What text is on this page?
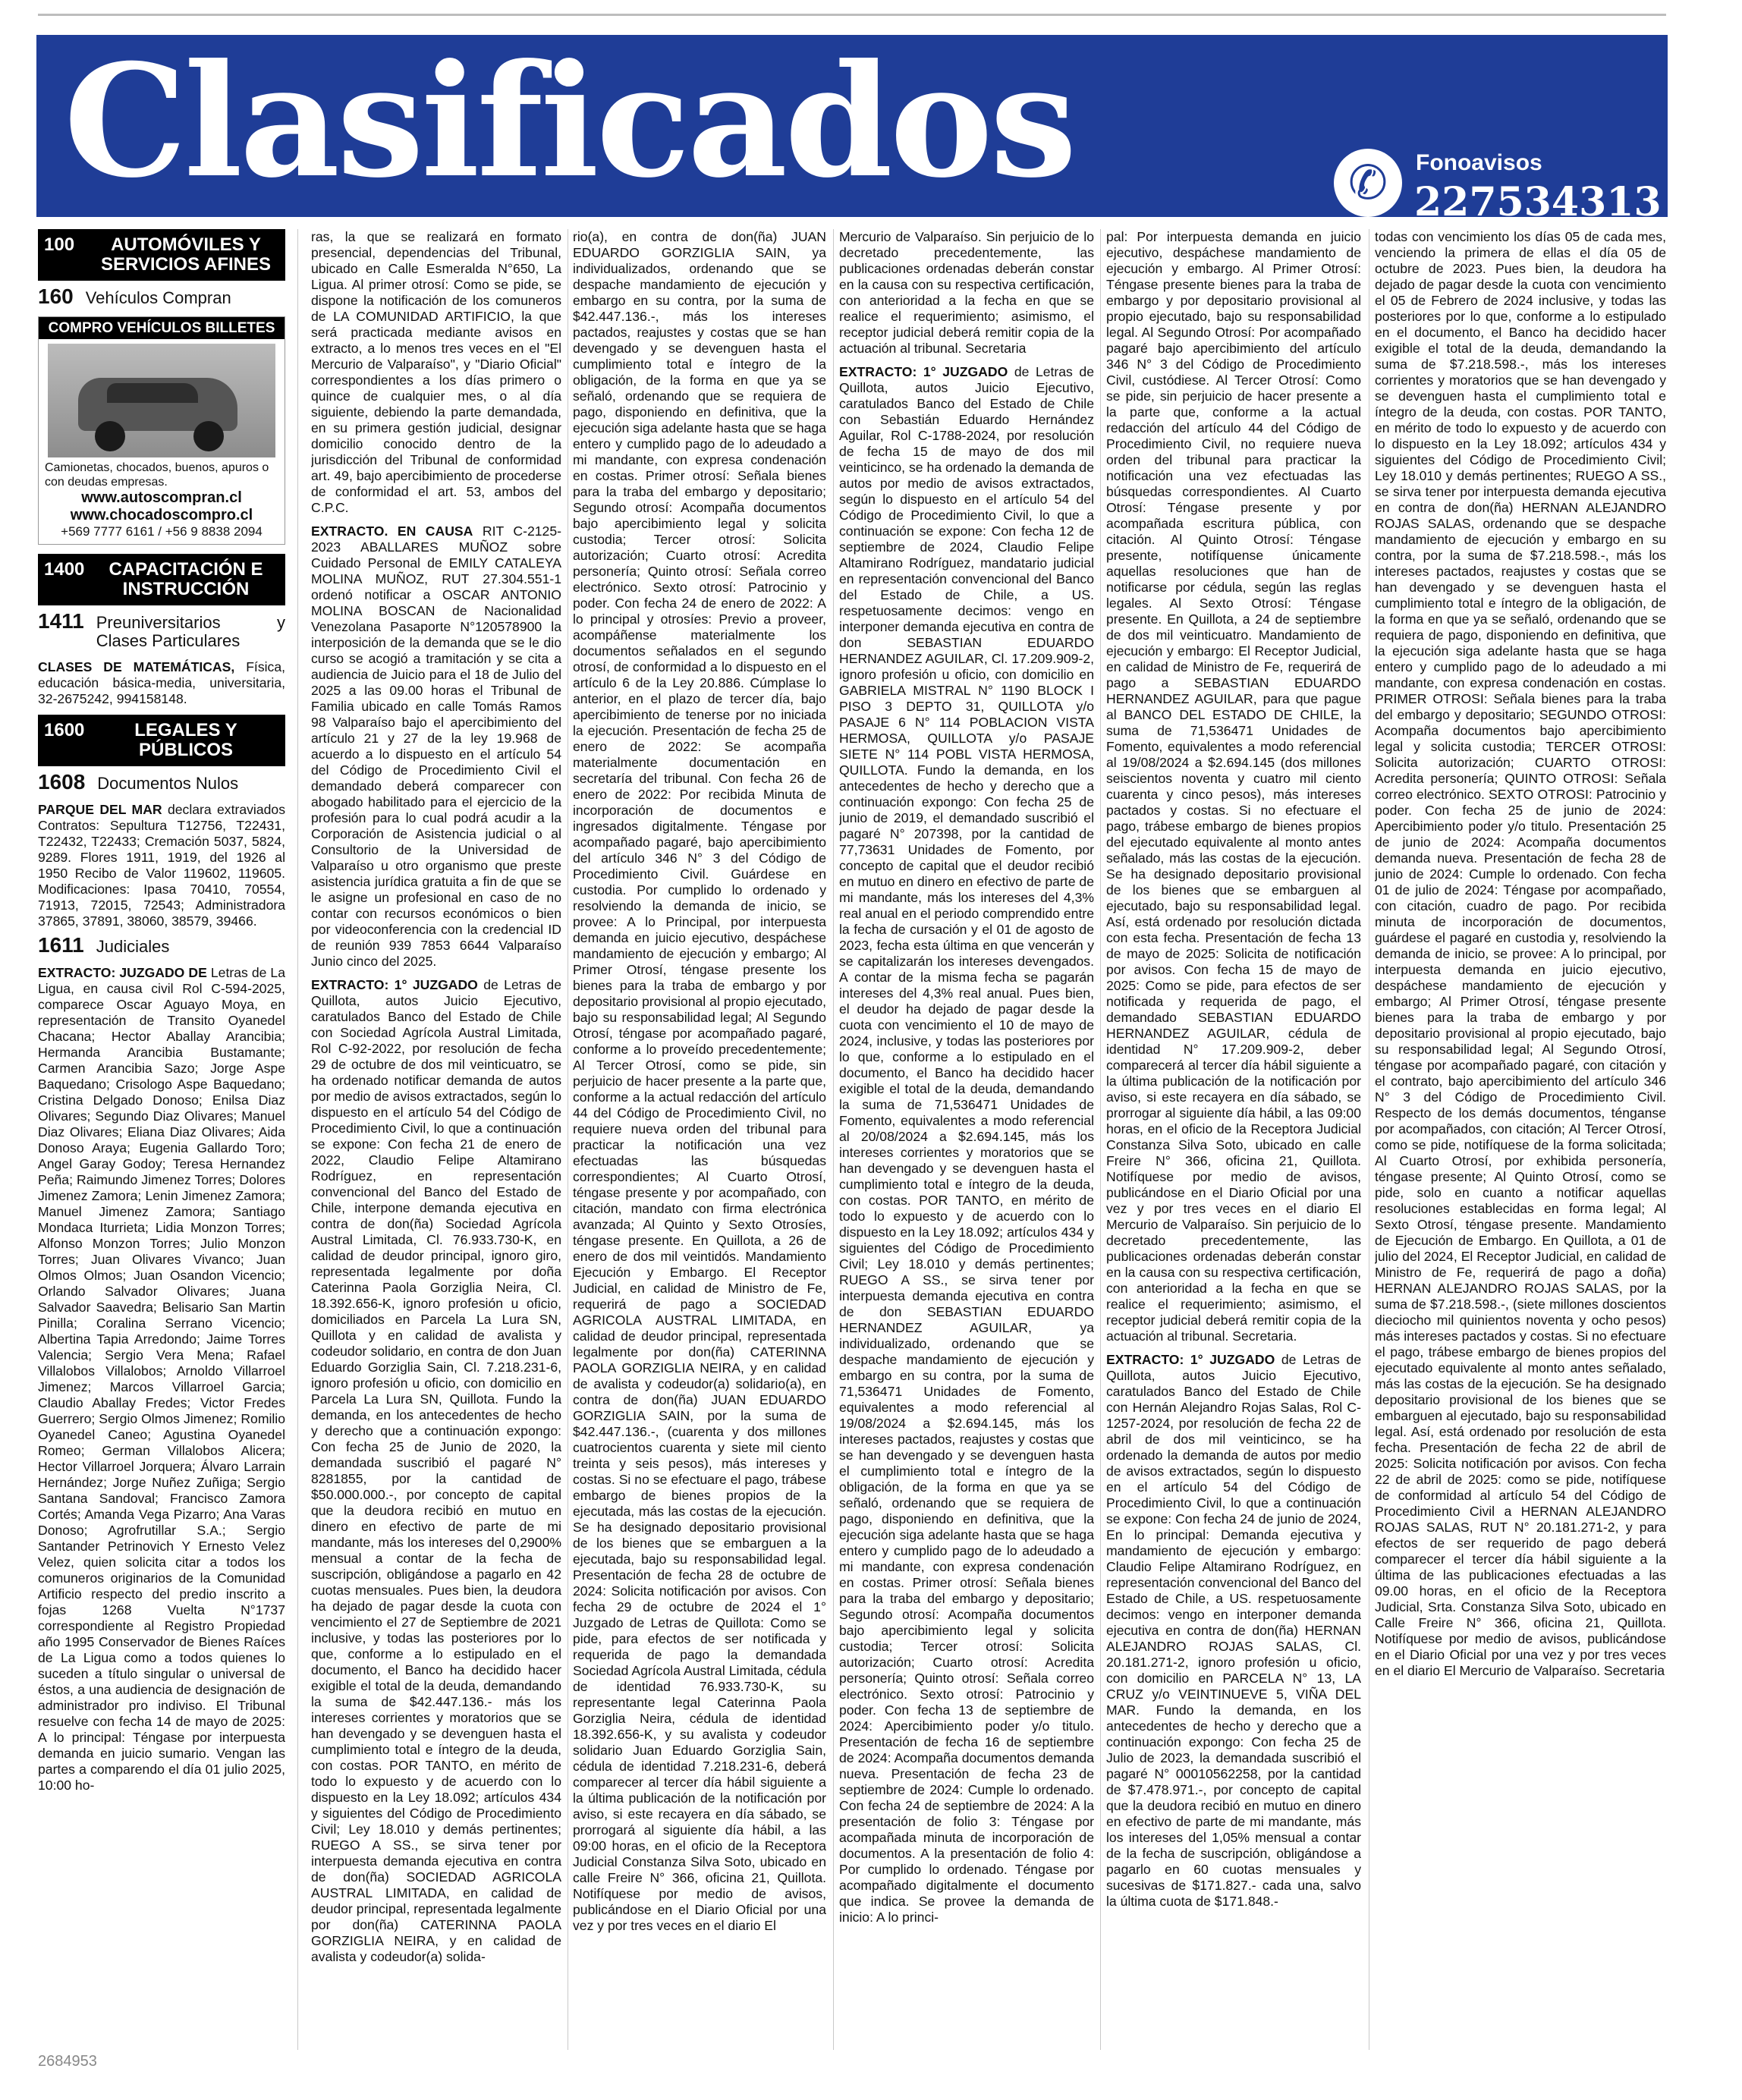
Clasificados	✆	Fonoavisos
227534313
100	AUTOMÓVILES Y SERVICIOS AFINES
160 Vehículos Compran
COMPRO VEHÍCULOS BILLETES
Camionetas, chocados, buenos, apuros o con deudas empresas.
www.autoscompran.cl
www.chocadoscompro.cl
+569 7777 6161 / +56 9 8838 2094
1400	CAPACITACIÓN E INSTRUCCIÓN
1411 Preuniversitarios y Clases Particulares

CLASES DE MATEMÁTICAS, Física, educación básica-media, universitaria, 32-2675242, 994158148.

1600	LEGALES Y PÚBLICOS
1608 Documentos Nulos

PARQUE DEL MAR declara extraviados Contratos: Sepultura T12756, T22431, T22432, T22433; Cremación 5037, 5824, 9289. Flores 1911, 1919, del 1926 al 1950 Recibo de Valor 119602, 119605. Modificaciones: Ipasa 70410, 70554, 71913, 72015, 72543; Administradora 37865, 37891, 38060, 38579, 39466.

1611 Judiciales

EXTRACTO: JUZGADO DE Letras de La Ligua, en causa civil Rol C-594-2025, comparece Oscar Aguayo Moya, en representación de Transito Oyanedel Chacana; Hector Aballay Arancibia; Hermanda Arancibia Bustamante; Carmen Arancibia Sazo; Jorge Aspe Baquedano; Crisologo Aspe Baquedano; Cristina Delgado Donoso; Enilsa Diaz Olivares; Segundo Diaz Olivares; Manuel Diaz Olivares; Eliana Diaz Olivares; Aida Donoso Araya; Eugenia Gallardo Toro; Angel Garay Godoy; Teresa Hernandez Peña; Raimundo Jimenez Torres; Dolores Jimenez Zamora; Lenin Jimenez Zamora; Manuel Jimenez Zamora; Santiago Mondaca Iturrieta; Lidia Monzon Torres; Alfonso Monzon Torres; Julio Monzon Torres; Juan Olivares Vivanco; Juan Olmos Olmos; Juan Osandon Vicencio; Orlando Salvador Olivares; Juana Salvador Saavedra; Belisario San Martin Pinilla; Coralina Serrano Vicencio; Albertina Tapia Arredondo; Jaime Torres Valencia; Sergio Vera Mena; Rafael Villalobos Villalobos; Arnoldo Villarroel Jimenez; Marcos Villarroel Garcia; Claudio Aballay Fredes; Victor Fredes Guerrero; Sergio Olmos Jimenez; Romilio Oyanedel Caneo; Agustina Oyanedel Romeo; German Villalobos Alicera; Hector Villarroel Jorquera; Álvaro Larrain Hernández; Jorge Nuñez Zuñiga; Sergio Santana Sandoval; Francisco Zamora Cortés; Amanda Vega Pizarro; Ana Varas Donoso; Agrofrutillar S.A.; Sergio Santander Petrinovich Y Ernesto Velez Velez, quien solicita citar a todos los comuneros originarios de la Comunidad Artificio respecto del predio inscrito a fojas 1268 Vuelta N°1737 correspondiente al Registro Propiedad año 1995 Conservador de Bienes Raíces de La Ligua como a todos quienes lo suceden a título singular o universal de éstos, a una audiencia de designación de administrador pro indiviso. El Tribunal resuelve con fecha 14 de mayo de 2025: A lo principal: Téngase por interpuesta demanda en juicio sumario. Vengan las partes a comparendo el día 01 julio 2025, 10:00 ho-

ras, la que se realizará en formato presencial, dependencias del Tribunal, ubicado en Calle Esmeralda N°650, La Ligua. Al primer otrosí: Como se pide, se dispone la notificación de los comuneros de LA COMUNIDAD ARTIFICIO, la que será practicada mediante avisos en extracto, a lo menos tres veces en el "El Mercurio de Valparaíso", y "Diario Oficial" correspondientes a los días primero o quince de cualquier mes, o al día siguiente, debiendo la parte demandada, en su primera gestión judicial, designar domicilio conocido dentro de la jurisdicción del Tribunal de conformidad art. 49, bajo apercibimiento de procederse de conformidad el art. 53, ambos del C.P.C.

EXTRACTO. EN CAUSA RIT C-2125-2023 ABALLARES MUÑOZ sobre Cuidado Personal de EMILY CATALEYA MOLINA MUÑOZ, RUT 27.304.551-1 ordenó notificar a OSCAR ANTONIO MOLINA BOSCAN de Nacionalidad Venezolana Pasaporte N°120578900 la interposición de la demanda que se le dio curso se acogió a tramitación y se cita a audiencia de Juicio para el 18 de Julio del 2025 a las 09.00 horas el Tribunal de Familia ubicado en calle Tomás Ramos 98 Valparaíso bajo el apercibimiento del artículo 21 y 27 de la ley 19.968 de acuerdo a lo dispuesto en el artículo 54 del Código de Procedimiento Civil el demandado deberá comparecer con abogado habilitado para el ejercicio de la profesión para lo cual podrá acudir a la Corporación de Asistencia judicial o al Consultorio de la Universidad de Valparaíso u otro organismo que preste asistencia jurídica gratuita a fin de que se le asigne un profesional en caso de no contar con recursos económicos o bien por videoconferencia con la credencial ID de reunión 939 7853 6644 Valparaíso Junio cinco del 2025.

EXTRACTO: 1° JUZGADO de Letras de Quillota, autos Juicio Ejecutivo, caratulados Banco del Estado de Chile con Sociedad Agrícola Austral Limitada, Rol C-92-2022, por resolución de fecha 29 de octubre de dos mil veinticuatro, se ha ordenado notificar demanda de autos por medio de avisos extractados, según lo dispuesto en el artículo 54 del Código de Procedimiento Civil, lo que a continuación se expone: Con fecha 21 de enero de 2022, Claudio Felipe Altamirano Rodríguez, en representación convencional del Banco del Estado de Chile, interpone demanda ejecutiva en contra de don(ña) Sociedad Agrícola Austral Limitada, Cl. 76.933.730-K, en calidad de deudor principal, ignoro giro, representada legalmente por doña Caterinna Paola Gorziglia Neira, Cl. 18.392.656-K, ignoro profesión u oficio, domiciliados en Parcela La Lura SN, Quillota y en calidad de avalista y codeudor solidario, en contra de don Juan Eduardo Gorziglia Sain, Cl. 7.218.231-6, ignoro profesión u oficio, con domicilio en Parcela La Lura SN, Quillota. Fundo la demanda, en los antecedentes de hecho y derecho que a continuación expongo: Con fecha 25 de Junio de 2020, la demandada suscribió el pagaré N° 8281855, por la cantidad de $50.000.000.-, por concepto de capital que la deudora recibió en mutuo en dinero en efectivo de parte de mi mandante, más los intereses del 0,2900% mensual a contar de la fecha de suscripción, obligándose a pagarlo en 42 cuotas mensuales. Pues bien, la deudora ha dejado de pagar desde la cuota con vencimiento el 27 de Septiembre de 2021 inclusive, y todas las posteriores por lo que, conforme a lo estipulado en el documento, el Banco ha decidido hacer exigible el total de la deuda, demandando la suma de $42.447.136.- más los intereses corrientes y moratorios que se han devengado y se devenguen hasta el cumplimiento total e íntegro de la deuda, con costas. POR TANTO, en mérito de todo lo expuesto y de acuerdo con lo dispuesto en la Ley 18.092; artículos 434 y siguientes del Código de Procedimiento Civil; Ley 18.010 y demás pertinentes; RUEGO A SS., se sirva tener por interpuesta demanda ejecutiva en contra de don(ña) SOCIEDAD AGRICOLA AUSTRAL LIMITADA, en calidad de deudor principal, representada legalmente por don(ña) CATERINNA PAOLA GORZIGLIA NEIRA, y en calidad de avalista y codeudor(a) solida-

rio(a), en contra de don(ña) JUAN EDUARDO GORZIGLIA SAIN, ya individualizados, ordenando que se despache mandamiento de ejecución y embargo en su contra, por la suma de $42.447.136.-, más los intereses pactados, reajustes y costas que se han devengado y se devenguen hasta el cumplimiento total e íntegro de la obligación, de la forma en que ya se señaló, ordenando que se requiera de pago, disponiendo en definitiva, que la ejecución siga adelante hasta que se haga entero y cumplido pago de lo adeudado a mi mandante, con expresa condenación en costas. Primer otrosí: Señala bienes para la traba del embargo y depositario; Segundo otrosí: Acompaña documentos bajo apercibimiento legal y solicita custodia; Tercer otrosí: Solicita autorización; Cuarto otrosí: Acredita personería; Quinto otrosí: Señala correo electrónico. Sexto otrosí: Patrocinio y poder. Con fecha 24 de enero de 2022: A lo principal y otrosíes: Previo a proveer, acompáñense materialmente los documentos señalados en el segundo otrosí, de conformidad a lo dispuesto en el artículo 6 de la Ley 20.886. Cúmplase lo anterior, en el plazo de tercer día, bajo apercibimiento de tenerse por no iniciada la ejecución. Presentación de fecha 25 de enero de 2022: Se acompaña materialmente documentación en secretaría del tribunal. Con fecha 26 de enero de 2022: Por recibida Minuta de incorporación de documentos e ingresados digitalmente. Téngase por acompañado pagaré, bajo apercibimiento del artículo 346 N° 3 del Código de Procedimiento Civil. Guárdese en custodia. Por cumplido lo ordenado y resolviendo la demanda de inicio, se provee: A lo Principal, por interpuesta demanda en juicio ejecutivo, despáchese mandamiento de ejecución y embargo; Al Primer Otrosí, téngase presente los bienes para la traba de embargo y por depositario provisional al propio ejecutado, bajo su responsabilidad legal; Al Segundo Otrosí, téngase por acompañado pagaré, conforme a lo proveído precedentemente; Al Tercer Otrosí, como se pide, sin perjuicio de hacer presente a la parte que, conforme a la actual redacción del artículo 44 del Código de Procedimiento Civil, no requiere nueva orden del tribunal para practicar la notificación una vez efectuadas las búsquedas correspondientes; Al Cuarto Otrosí, téngase presente y por acompañado, con citación, mandato con firma electrónica avanzada; Al Quinto y Sexto Otrosíes, téngase presente. En Quillota, a 26 de enero de dos mil veintidós. Mandamiento Ejecución y Embargo. El Receptor Judicial, en calidad de Ministro de Fe, requerirá de pago a SOCIEDAD AGRICOLA AUSTRAL LIMITADA, en calidad de deudor principal, representada legalmente por don(ña) CATERINNA PAOLA GORZIGLIA NEIRA, y en calidad de avalista y codeudor(a) solidario(a), en contra de don(ña) JUAN EDUARDO GORZIGLIA SAIN, por la suma de $42.447.136.-, (cuarenta y dos millones cuatrocientos cuarenta y siete mil ciento treinta y seis pesos), más intereses y costas. Si no se efectuare el pago, trábese embargo de bienes propios de la ejecutada, más las costas de la ejecución. Se ha designado depositario provisional de los bienes que se embarguen a la ejecutada, bajo su responsabilidad legal. Presentación de fecha 28 de octubre de 2024: Solicita notificación por avisos. Con fecha 29 de octubre de 2024 el 1° Juzgado de Letras de Quillota: Como se pide, para efectos de ser notificada y requerida de pago la demandada Sociedad Agrícola Austral Limitada, cédula de identidad 76.933.730-K, su representante legal Caterinna Paola Gorziglia Neira, cédula de identidad 18.392.656-K, y su avalista y codeudor solidario Juan Eduardo Gorziglia Sain, cédula de identidad 7.218.231-6, deberá comparecer al tercer día hábil siguiente a la última publicación de la notificación por aviso, si este recayera en día sábado, se prorrogará al siguiente día hábil, a las 09:00 horas, en el oficio de la Receptora Judicial Constanza Silva Soto, ubicado en calle Freire N° 366, oficina 21, Quillota. Notifíquese por medio de avisos, publicándose en el Diario Oficial por una vez y por tres veces en el diario El

Mercurio de Valparaíso. Sin perjuicio de lo decretado precedentemente, las publicaciones ordenadas deberán constar en la causa con su respectiva certificación, con anterioridad a la fecha en que se realice el requerimiento; asimismo, el receptor judicial deberá remitir copia de la actuación al tribunal. Secretaria

EXTRACTO: 1° JUZGADO de Letras de Quillota, autos Juicio Ejecutivo, caratulados Banco del Estado de Chile con Sebastián Eduardo Hernández Aguilar, Rol C-1788-2024, por resolución de fecha 15 de mayo de dos mil veinticinco, se ha ordenado la demanda de autos por medio de avisos extractados, según lo dispuesto en el artículo 54 del Código de Procedimiento Civil, lo que a continuación se expone: Con fecha 12 de septiembre de 2024, Claudio Felipe Altamirano Rodríguez, mandatario judicial en representación convencional del Banco del Estado de Chile, a US. respetuosamente decimos: vengo en interponer demanda ejecutiva en contra de don SEBASTIAN EDUARDO HERNANDEZ AGUILAR, Cl. 17.209.909-2, ignoro profesión u oficio, con domicilio en GABRIELA MISTRAL N° 1190 BLOCK I PISO 3 DEPTO 31, QUILLOTA y/o PASAJE 6 N° 114 POBLACION VISTA HERMOSA, QUILLOTA y/o PASAJE SIETE N° 114 POBL VISTA HERMOSA, QUILLOTA. Fundo la demanda, en los antecedentes de hecho y derecho que a continuación expongo: Con fecha 25 de junio de 2019, el demandado suscribió el pagaré N° 207398, por la cantidad de 77,73631 Unidades de Fomento, por concepto de capital que el deudor recibió en mutuo en dinero en efectivo de parte de mi mandante, más los intereses del 4,3% real anual en el periodo comprendido entre la fecha de cursación y el 01 de agosto de 2023, fecha esta última en que vencerán y se capitalizarán los intereses devengados. A contar de la misma fecha se pagarán intereses del 4,3% real anual. Pues bien, el deudor ha dejado de pagar desde la cuota con vencimiento el 10 de mayo de 2024, inclusive, y todas las posteriores por lo que, conforme a lo estipulado en el documento, el Banco ha decidido hacer exigible el total de la deuda, demandando la suma de 71,536471 Unidades de Fomento, equivalentes a modo referencial al 20/08/2024 a $2.694.145, más los intereses corrientes y moratorios que se han devengado y se devenguen hasta el cumplimiento total e íntegro de la deuda, con costas. POR TANTO, en mérito de todo lo expuesto y de acuerdo con lo dispuesto en la Ley 18.092; artículos 434 y siguientes del Código de Procedimiento Civil; Ley 18.010 y demás pertinentes; RUEGO A SS., se sirva tener por interpuesta demanda ejecutiva en contra de don SEBASTIAN EDUARDO HERNANDEZ AGUILAR, ya individualizado, ordenando que se despache mandamiento de ejecución y embargo en su contra, por la suma de 71,536471 Unidades de Fomento, equivalentes a modo referencial al 19/08/2024 a $2.694.145, más los intereses pactados, reajustes y costas que se han devengado y se devenguen hasta el cumplimiento total e íntegro de la obligación, de la forma en que ya se señaló, ordenando que se requiera de pago, disponiendo en definitiva, que la ejecución siga adelante hasta que se haga entero y cumplido pago de lo adeudado a mi mandante, con expresa condenación en costas. Primer otrosí: Señala bienes para la traba del embargo y depositario; Segundo otrosí: Acompaña documentos bajo apercibimiento legal y solicita custodia; Tercer otrosí: Solicita autorización; Cuarto otrosí: Acredita personería; Quinto otrosí: Señala correo electrónico. Sexto otrosí: Patrocinio y poder. Con fecha 13 de septiembre de 2024: Apercibimiento poder y/o titulo. Presentación de fecha 16 de septiembre de 2024: Acompaña documentos demanda nueva. Presentación de fecha 23 de septiembre de 2024: Cumple lo ordenado. Con fecha 24 de septiembre de 2024: A la presentación de folio 3: Téngase por acompañada minuta de incorporación de documentos. A la presentación de folio 4: Por cumplido lo ordenado. Téngase por acompañado digitalmente el documento que indica. Se provee la demanda de inicio: A lo princi-

pal: Por interpuesta demanda en juicio ejecutivo, despáchese mandamiento de ejecución y embargo. Al Primer Otrosí: Téngase presente bienes para la traba de embargo y por depositario provisional al propio ejecutado, bajo su responsabilidad legal. Al Segundo Otrosí: Por acompañado pagaré bajo apercibimiento del artículo 346 N° 3 del Código de Procedimiento Civil, custódiese. Al Tercer Otrosí: Como se pide, sin perjuicio de hacer presente a la parte que, conforme a la actual redacción del artículo 44 del Código de Procedimiento Civil, no requiere nueva orden del tribunal para practicar la notificación una vez efectuadas las búsquedas correspondientes. Al Cuarto Otrosí: Téngase presente y por acompañada escritura pública, con citación. Al Quinto Otrosí: Téngase presente, notifíquense únicamente aquellas resoluciones que han de notificarse por cédula, según las reglas legales. Al Sexto Otrosí: Téngase presente. En Quillota, a 24 de septiembre de dos mil veinticuatro. Mandamiento de ejecución y embargo: El Receptor Judicial, en calidad de Ministro de Fe, requerirá de pago a SEBASTIAN EDUARDO HERNANDEZ AGUILAR, para que pague al BANCO DEL ESTADO DE CHILE, la suma de 71,536471 Unidades de Fomento, equivalentes a modo referencial al 19/08/2024 a $2.694.145 (dos millones seiscientos noventa y cuatro mil ciento cuarenta y cinco pesos), más intereses pactados y costas. Si no efectuare el pago, trábese embargo de bienes propios del ejecutado equivalente al monto antes señalado, más las costas de la ejecución. Se ha designado depositario provisional de los bienes que se embarguen al ejecutado, bajo su responsabilidad legal. Así, está ordenado por resolución dictada con esta fecha. Presentación de fecha 13 de mayo de 2025: Solicita de notificación por avisos. Con fecha 15 de mayo de 2025: Como se pide, para efectos de ser notificada y requerida de pago, el demandado SEBASTIAN EDUARDO HERNANDEZ AGUILAR, cédula de identidad N° 17.209.909-2, deber comparecerá al tercer día hábil siguiente a la última publicación de la notificación por aviso, si este recayera en día sábado, se prorrogar al siguiente día hábil, a las 09:00 horas, en el oficio de la Receptora Judicial Constanza Silva Soto, ubicado en calle Freire N° 366, oficina 21, Quillota. Notifíquese por medio de avisos, publicándose en el Diario Oficial por una vez y por tres veces en el diario El Mercurio de Valparaíso. Sin perjuicio de lo decretado precedentemente, las publicaciones ordenadas deberán constar en la causa con su respectiva certificación, con anterioridad a la fecha en que se realice el requerimiento; asimismo, el receptor judicial deberá remitir copia de la actuación al tribunal. Secretaria.

EXTRACTO: 1° JUZGADO de Letras de Quillota, autos Juicio Ejecutivo, caratulados Banco del Estado de Chile con Hernán Alejandro Rojas Salas, Rol C-1257-2024, por resolución de fecha 22 de abril de dos mil veinticinco, se ha ordenado la demanda de autos por medio de avisos extractados, según lo dispuesto en el artículo 54 del Código de Procedimiento Civil, lo que a continuación se expone: Con fecha 24 de junio de 2024, En lo principal: Demanda ejecutiva y mandamiento de ejecución y embargo: Claudio Felipe Altamirano Rodríguez, en representación convencional del Banco del Estado de Chile, a US. respetuosamente decimos: vengo en interponer demanda ejecutiva en contra de don(ña) HERNAN ALEJANDRO ROJAS SALAS, Cl. 20.181.271-2, ignoro profesión u oficio, con domicilio en PARCELA N° 13, LA CRUZ y/o VEINTINUEVE 5, VIÑA DEL MAR. Fundo la demanda, en los antecedentes de hecho y derecho que a continuación expongo: Con fecha 25 de Julio de 2023, la demandada suscribió el pagaré N° 00010562258, por la cantidad de $7.478.971.-, por concepto de capital que la deudora recibió en mutuo en dinero en efectivo de parte de mi mandante, más los intereses del 1,05% mensual a contar de la fecha de suscripción, obligándose a pagarlo en 60 cuotas mensuales y sucesivas de $171.827.- cada una, salvo la última cuota de $171.848.-

todas con vencimiento los días 05 de cada mes, venciendo la primera de ellas el día 05 de octubre de 2023. Pues bien, la deudora ha dejado de pagar desde la cuota con vencimiento el 05 de Febrero de 2024 inclusive, y todas las posteriores por lo que, conforme a lo estipulado en el documento, el Banco ha decidido hacer exigible el total de la deuda, demandando la suma de $7.218.598.-, más los intereses corrientes y moratorios que se han devengado y se devenguen hasta el cumplimiento total e íntegro de la deuda, con costas. POR TANTO, en mérito de todo lo expuesto y de acuerdo con lo dispuesto en la Ley 18.092; artículos 434 y siguientes del Código de Procedimiento Civil; Ley 18.010 y demás pertinentes; RUEGO A SS., se sirva tener por interpuesta demanda ejecutiva en contra de don(ña) HERNAN ALEJANDRO ROJAS SALAS, ordenando que se despache mandamiento de ejecución y embargo en su contra, por la suma de $7.218.598.-, más los intereses pactados, reajustes y costas que se han devengado y se devenguen hasta el cumplimiento total e íntegro de la obligación, de la forma en que ya se señaló, ordenando que se requiera de pago, disponiendo en definitiva, que la ejecución siga adelante hasta que se haga entero y cumplido pago de lo adeudado a mi mandante, con expresa condenación en costas. PRIMER OTROSI: Señala bienes para la traba del embargo y depositario; SEGUNDO OTROSI: Acompaña documentos bajo apercibimiento legal y solicita custodia; TERCER OTROSI: Solicita autorización; CUARTO OTROSI: Acredita personería; QUINTO OTROSI: Señala correo electrónico. SEXTO OTROSI: Patrocinio y poder. Con fecha 25 de junio de 2024: Apercibimiento poder y/o titulo. Presentación 25 de junio de 2024: Acompaña documentos demanda nueva. Presentación de fecha 28 de junio de 2024: Cumple lo ordenado. Con fecha 01 de julio de 2024: Téngase por acompañado, con citación, cuadro de pago. Por recibida minuta de incorporación de documentos, guárdese el pagaré en custodia y, resolviendo la demanda de inicio, se provee: A lo principal, por interpuesta demanda en juicio ejecutivo, despáchese mandamiento de ejecución y embargo; Al Primer Otrosí, téngase presente bienes para la traba de embargo y por depositario provisional al propio ejecutado, bajo su responsabilidad legal; Al Segundo Otrosí, téngase por acompañado pagaré, con citación y el contrato, bajo apercibimiento del artículo 346 N° 3 del Código de Procedimiento Civil. Respecto de los demás documentos, ténganse por acompañados, con citación; Al Tercer Otrosí, como se pide, notifíquese de la forma solicitada; Al Cuarto Otrosí, por exhibida personería, téngase presente; Al Quinto Otrosí, como se pide, solo en cuanto a notificar aquellas resoluciones establecidas en forma legal; Al Sexto Otrosí, téngase presente. Mandamiento de Ejecución de Embargo. En Quillota, a 01 de julio del 2024, El Receptor Judicial, en calidad de Ministro de Fe, requerirá de pago a doña) HERNAN ALEJANDRO ROJAS SALAS, por la suma de $7.218.598.-, (siete millones doscientos dieciocho mil quinientos noventa y ocho pesos) más intereses pactados y costas. Si no efectuare el pago, trábese embargo de bienes propios del ejecutado equivalente al monto antes señalado, más las costas de la ejecución. Se ha designado depositario provisional de los bienes que se embarguen al ejecutado, bajo su responsabilidad legal. Así, está ordenado por resolución de esta fecha. Presentación de fecha 22 de abril de 2025: Solicita notificación por avisos. Con fecha 22 de abril de 2025: como se pide, notifíquese de conformidad al artículo 54 del Código de Procedimiento Civil a HERNAN ALEJANDRO ROJAS SALAS, RUT N° 20.181.271-2, y para efectos de ser requerido de pago deberá comparecer el tercer día hábil siguiente a la última de las publicaciones efectuadas a las 09.00 horas, en el oficio de la Receptora Judicial, Srta. Constanza Silva Soto, ubicado en Calle Freire N° 366, oficina 21, Quillota. Notifíquese por medio de avisos, publicándose en el Diario Oficial por una vez y por tres veces en el diario El Mercurio de Valparaíso. Secretaria

2684953
